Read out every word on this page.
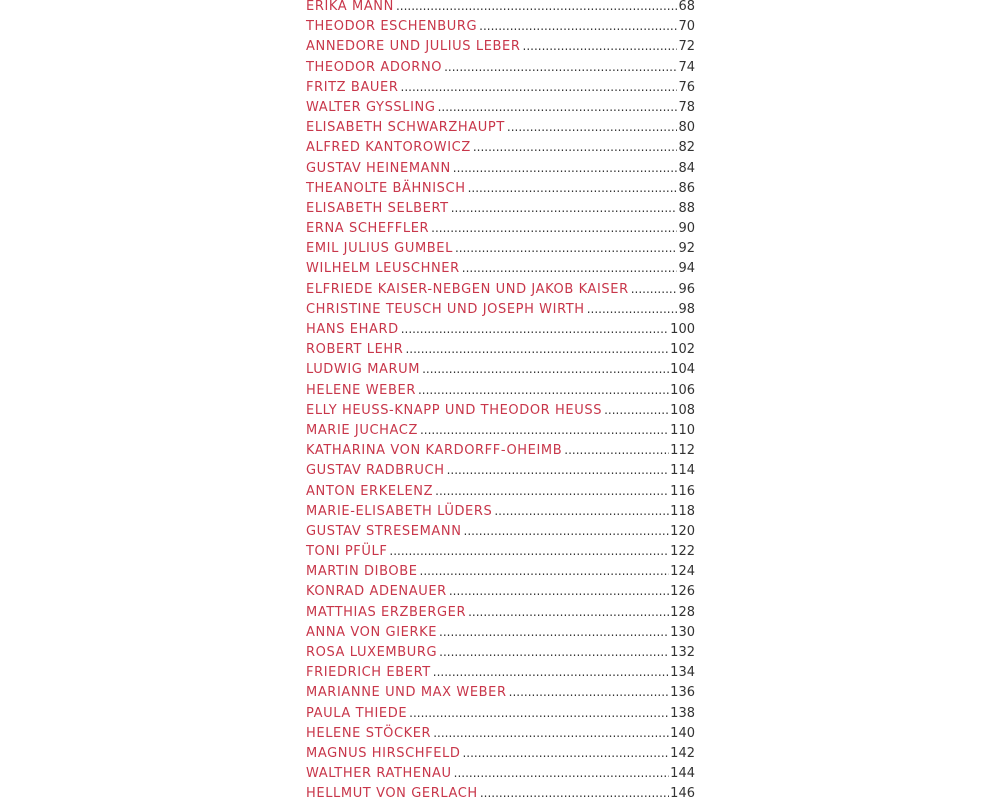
ERIKA MANN .....	68
THEODOR ESCHENBURG .....	70
ANNEDORE UND JULIUS LEBER .....	72
THEODOR ADORNO .....	74
FRITZ BAUER .....	76
WALTER GYSSLING .....	78
ELISABETH SCHWARZHAUPT .....	80
ALFRED KANTOROWICZ .....	82
GUSTAV HEINEMANN .....	84
THEANOLTE BÄHNISCH .....	86
ELISABETH SELBERT .....	88
ERNA SCHEFFLER .....	90
EMIL JULIUS GUMBEL .....	92
WILHELM LEUSCHNER .....	94
ELFRIEDE KAISER-NEBGEN UND JAKOB KAISER .....	96
CHRISTINE TEUSCH UND JOSEPH WIRTH .....	98
HANS EHARD .....	100
ROBERT LEHR .....	102
LUDWIG MARUM .....	104
HELENE WEBER .....	106
ELLY HEUSS-KNAPP UND THEODOR HEUSS .....	108
MARIE JUCHACZ .....	110
KATHARINA VON KARDORFF-OHEIMB .....	112
GUSTAV RADBRUCH .....	114
ANTON ERKELENZ .....	116
MARIE-ELISABETH LÜDERS .....	118
GUSTAV STRESEMANN .....	120
TONI PFÜLF .....	122
MARTIN DIBOBE .....	124
KONRAD ADENAUER .....	126
MATTHIAS ERZBERGER .....	128
ANNA VON GIERKE .....	130
ROSA LUXEMBURG .....	132
FRIEDRICH EBERT .....	134
MARIANNE UND MAX WEBER .....	136
PAULA THIEDE .....	138
HELENE STÖCKER .....	140
MAGNUS HIRSCHFELD .....	142
WALTHER RATHENAU .....	144
HELLMUT VON GERLACH .....	146
